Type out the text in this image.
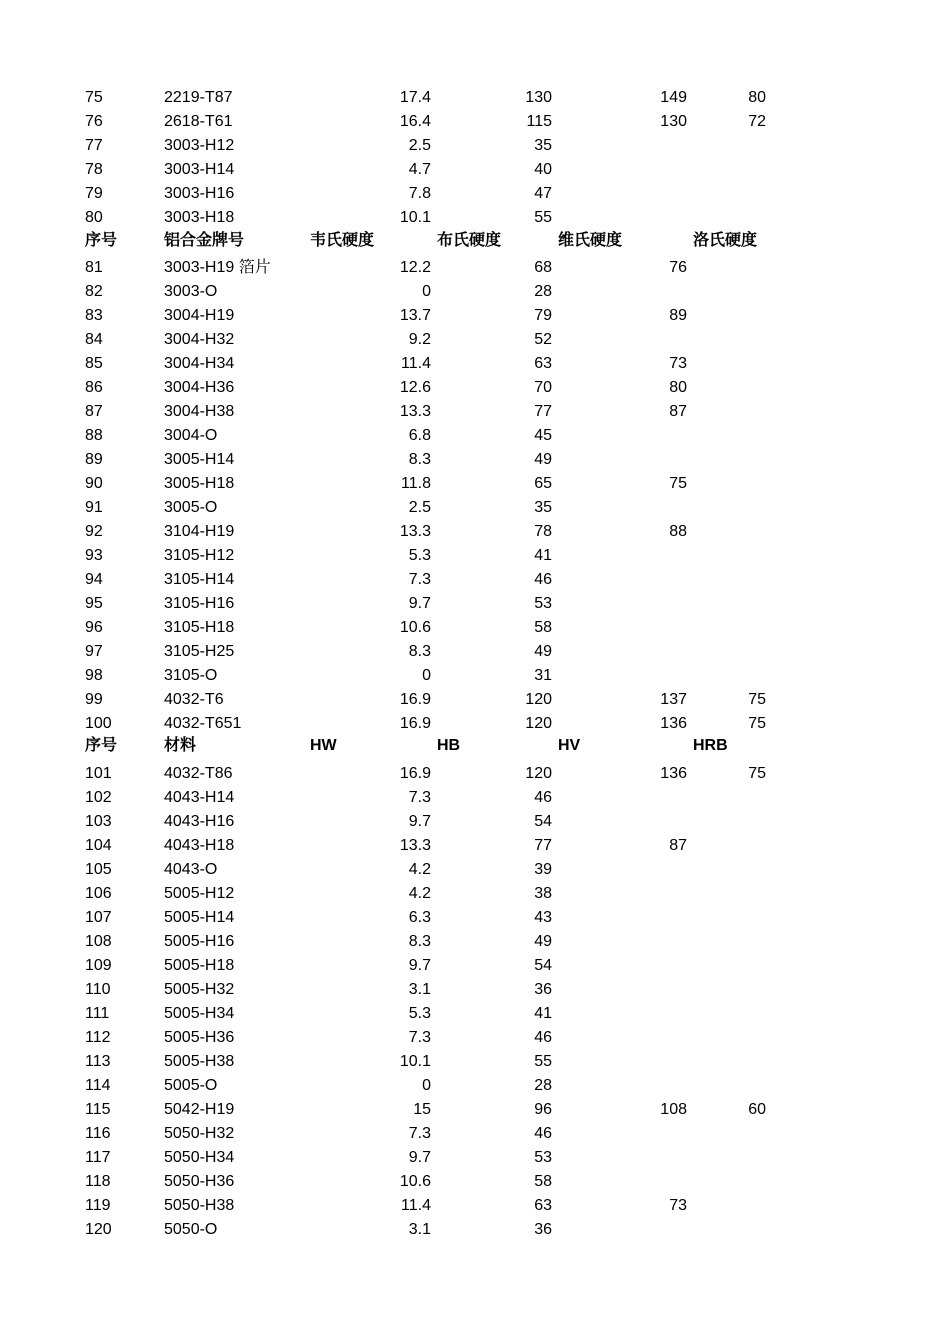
75	2219-T87	17.4	130	149	80
76	2618-T61	16.4	115	130	72
77	3003-H12	2.5	35
78	3003-H14	4.7	40
79	3003-H16	7.8	47
80	3003-H18	10.1	55
序号	铝合金牌号	韦氏硬度	布氏硬度	维氏硬度	洛氏硬度
81	3003-H19 箔片	12.2	68	76
82	3003-O	0	28
83	3004-H19	13.7	79	89
84	3004-H32	9.2	52
85	3004-H34	11.4	63	73
86	3004-H36	12.6	70	80
87	3004-H38	13.3	77	87
88	3004-O	6.8	45
89	3005-H14	8.3	49
90	3005-H18	11.8	65	75
91	3005-O	2.5	35
92	3104-H19	13.3	78	88
93	3105-H12	5.3	41
94	3105-H14	7.3	46
95	3105-H16	9.7	53
96	3105-H18	10.6	58
97	3105-H25	8.3	49
98	3105-O	0	31
99	4032-T6	16.9	120	137	75
100	4032-T651	16.9	120	136	75
序号	材料	HW	HB	HV	HRB
101	4032-T86	16.9	120	136	75
102	4043-H14	7.3	46
103	4043-H16	9.7	54
104	4043-H18	13.3	77	87
105	4043-O	4.2	39
106	5005-H12	4.2	38
107	5005-H14	6.3	43
108	5005-H16	8.3	49
109	5005-H18	9.7	54
110	5005-H32	3.1	36
111	5005-H34	5.3	41
112	5005-H36	7.3	46
113	5005-H38	10.1	55
114	5005-O	0	28
115	5042-H19	15	96	108	60
116	5050-H32	7.3	46
117	5050-H34	9.7	53
118	5050-H36	10.6	58
119	5050-H38	11.4	63	73
120	5050-O	3.1	36
